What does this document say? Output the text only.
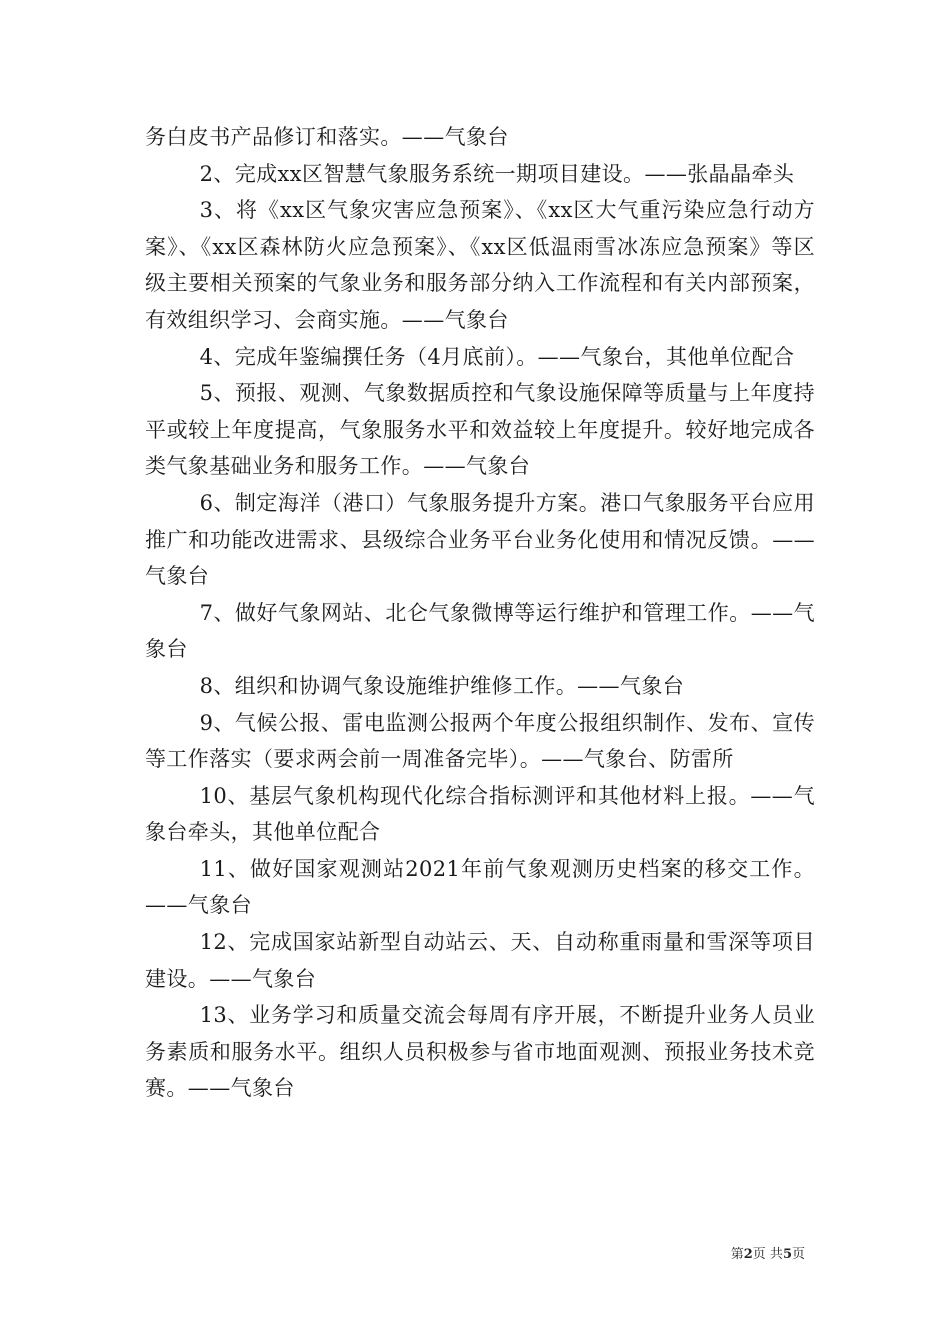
务白皮书产品修订和落实。——气象台

2、完成xx区智慧气象服务系统一期项目建设。——张晶晶牵头

3、将《xx区气象灾害应急预案》、《xx区大气重污染应急行动方案》、《xx区森林防火应急预案》、《xx区低温雨雪冰冻应急预案》等区级主要相关预案的气象业务和服务部分纳入工作流程和有关内部预案，有效组织学习、会商实施。——气象台

4、完成年鉴编撰任务（4月底前）。——气象台，其他单位配合

5、预报、观测、气象数据质控和气象设施保障等质量与上年度持平或较上年度提高，气象服务水平和效益较上年度提升。较好地完成各类气象基础业务和服务工作。——气象台

6、制定海洋（港口）气象服务提升方案。港口气象服务平台应用推广和功能改进需求、县级综合业务平台业务化使用和情况反馈。——气象台

7、做好气象网站、北仑气象微博等运行维护和管理工作。——气象台

8、组织和协调气象设施维护维修工作。——气象台

9、气候公报、雷电监测公报两个年度公报组织制作、发布、宣传等工作落实（要求两会前一周准备完毕）。——气象台、防雷所

10、基层气象机构现代化综合指标测评和其他材料上报。——气象台牵头，其他单位配合

11、做好国家观测站2021年前气象观测历史档案的移交工作。——气象台

12、完成国家站新型自动站云、天、自动称重雨量和雪深等项目建设。——气象台

13、业务学习和质量交流会每周有序开展，不断提升业务人员业务素质和服务水平。组织人员积极参与省市地面观测、预报业务技术竞赛。——气象台

第2页 共5页
